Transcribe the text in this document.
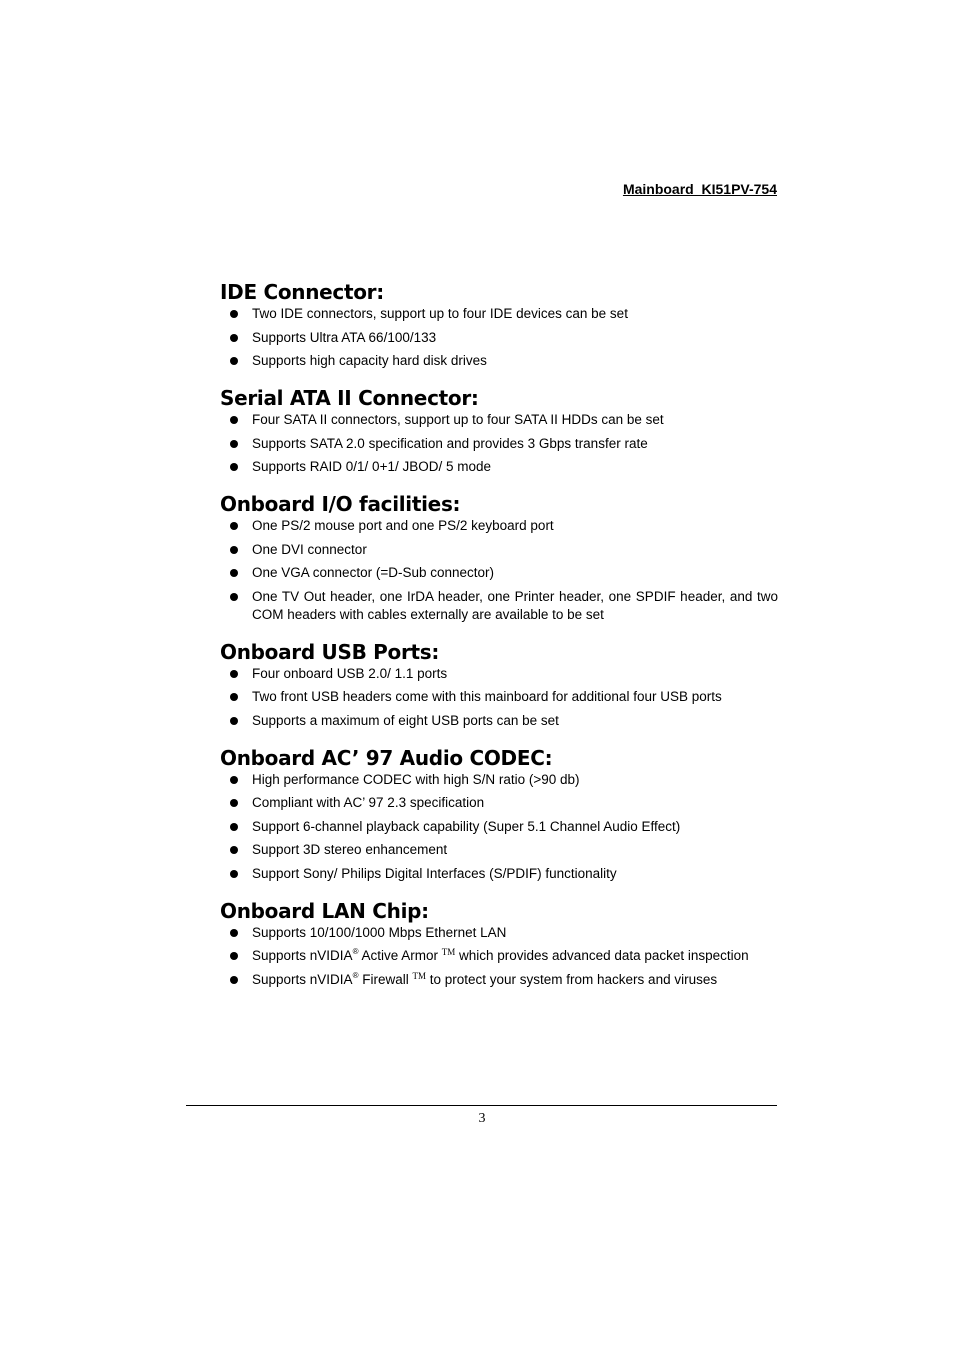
Mainboard  KI51PV-754
IDE Connector:
Two IDE connectors, support up to four IDE devices can be set
Supports Ultra ATA 66/100/133
Supports high capacity hard disk drives
Serial ATA II Connector:
Four SATA II connectors, support up to four SATA II HDDs can be set
Supports SATA 2.0 specification and provides 3 Gbps transfer rate
Supports RAID 0/1/ 0+1/ JBOD/ 5 mode
Onboard I/O facilities:
One PS/2 mouse port and one PS/2 keyboard port
One DVI connector
One VGA connector (=D-Sub connector)
One TV Out header, one IrDA header, one Printer header, one SPDIF header, and two COM headers with cables externally are available to be set
Onboard USB Ports:
Four onboard USB 2.0/ 1.1 ports
Two front USB headers come with this mainboard for additional four USB ports
Supports a maximum of eight USB ports can be set
Onboard AC’ 97 Audio CODEC:
High performance CODEC with high S/N ratio (>90 db)
Compliant with AC’ 97 2.3 specification
Support 6-channel playback capability (Super 5.1 Channel Audio Effect)
Support 3D stereo enhancement
Support Sony/ Philips Digital Interfaces (S/PDIF) functionality
Onboard LAN Chip:
Supports 10/100/1000 Mbps Ethernet LAN
Supports nVIDIA® Active Armor ™ which provides advanced data packet inspection
Supports nVIDIA® Firewall ™ to protect your system from hackers and viruses
3
